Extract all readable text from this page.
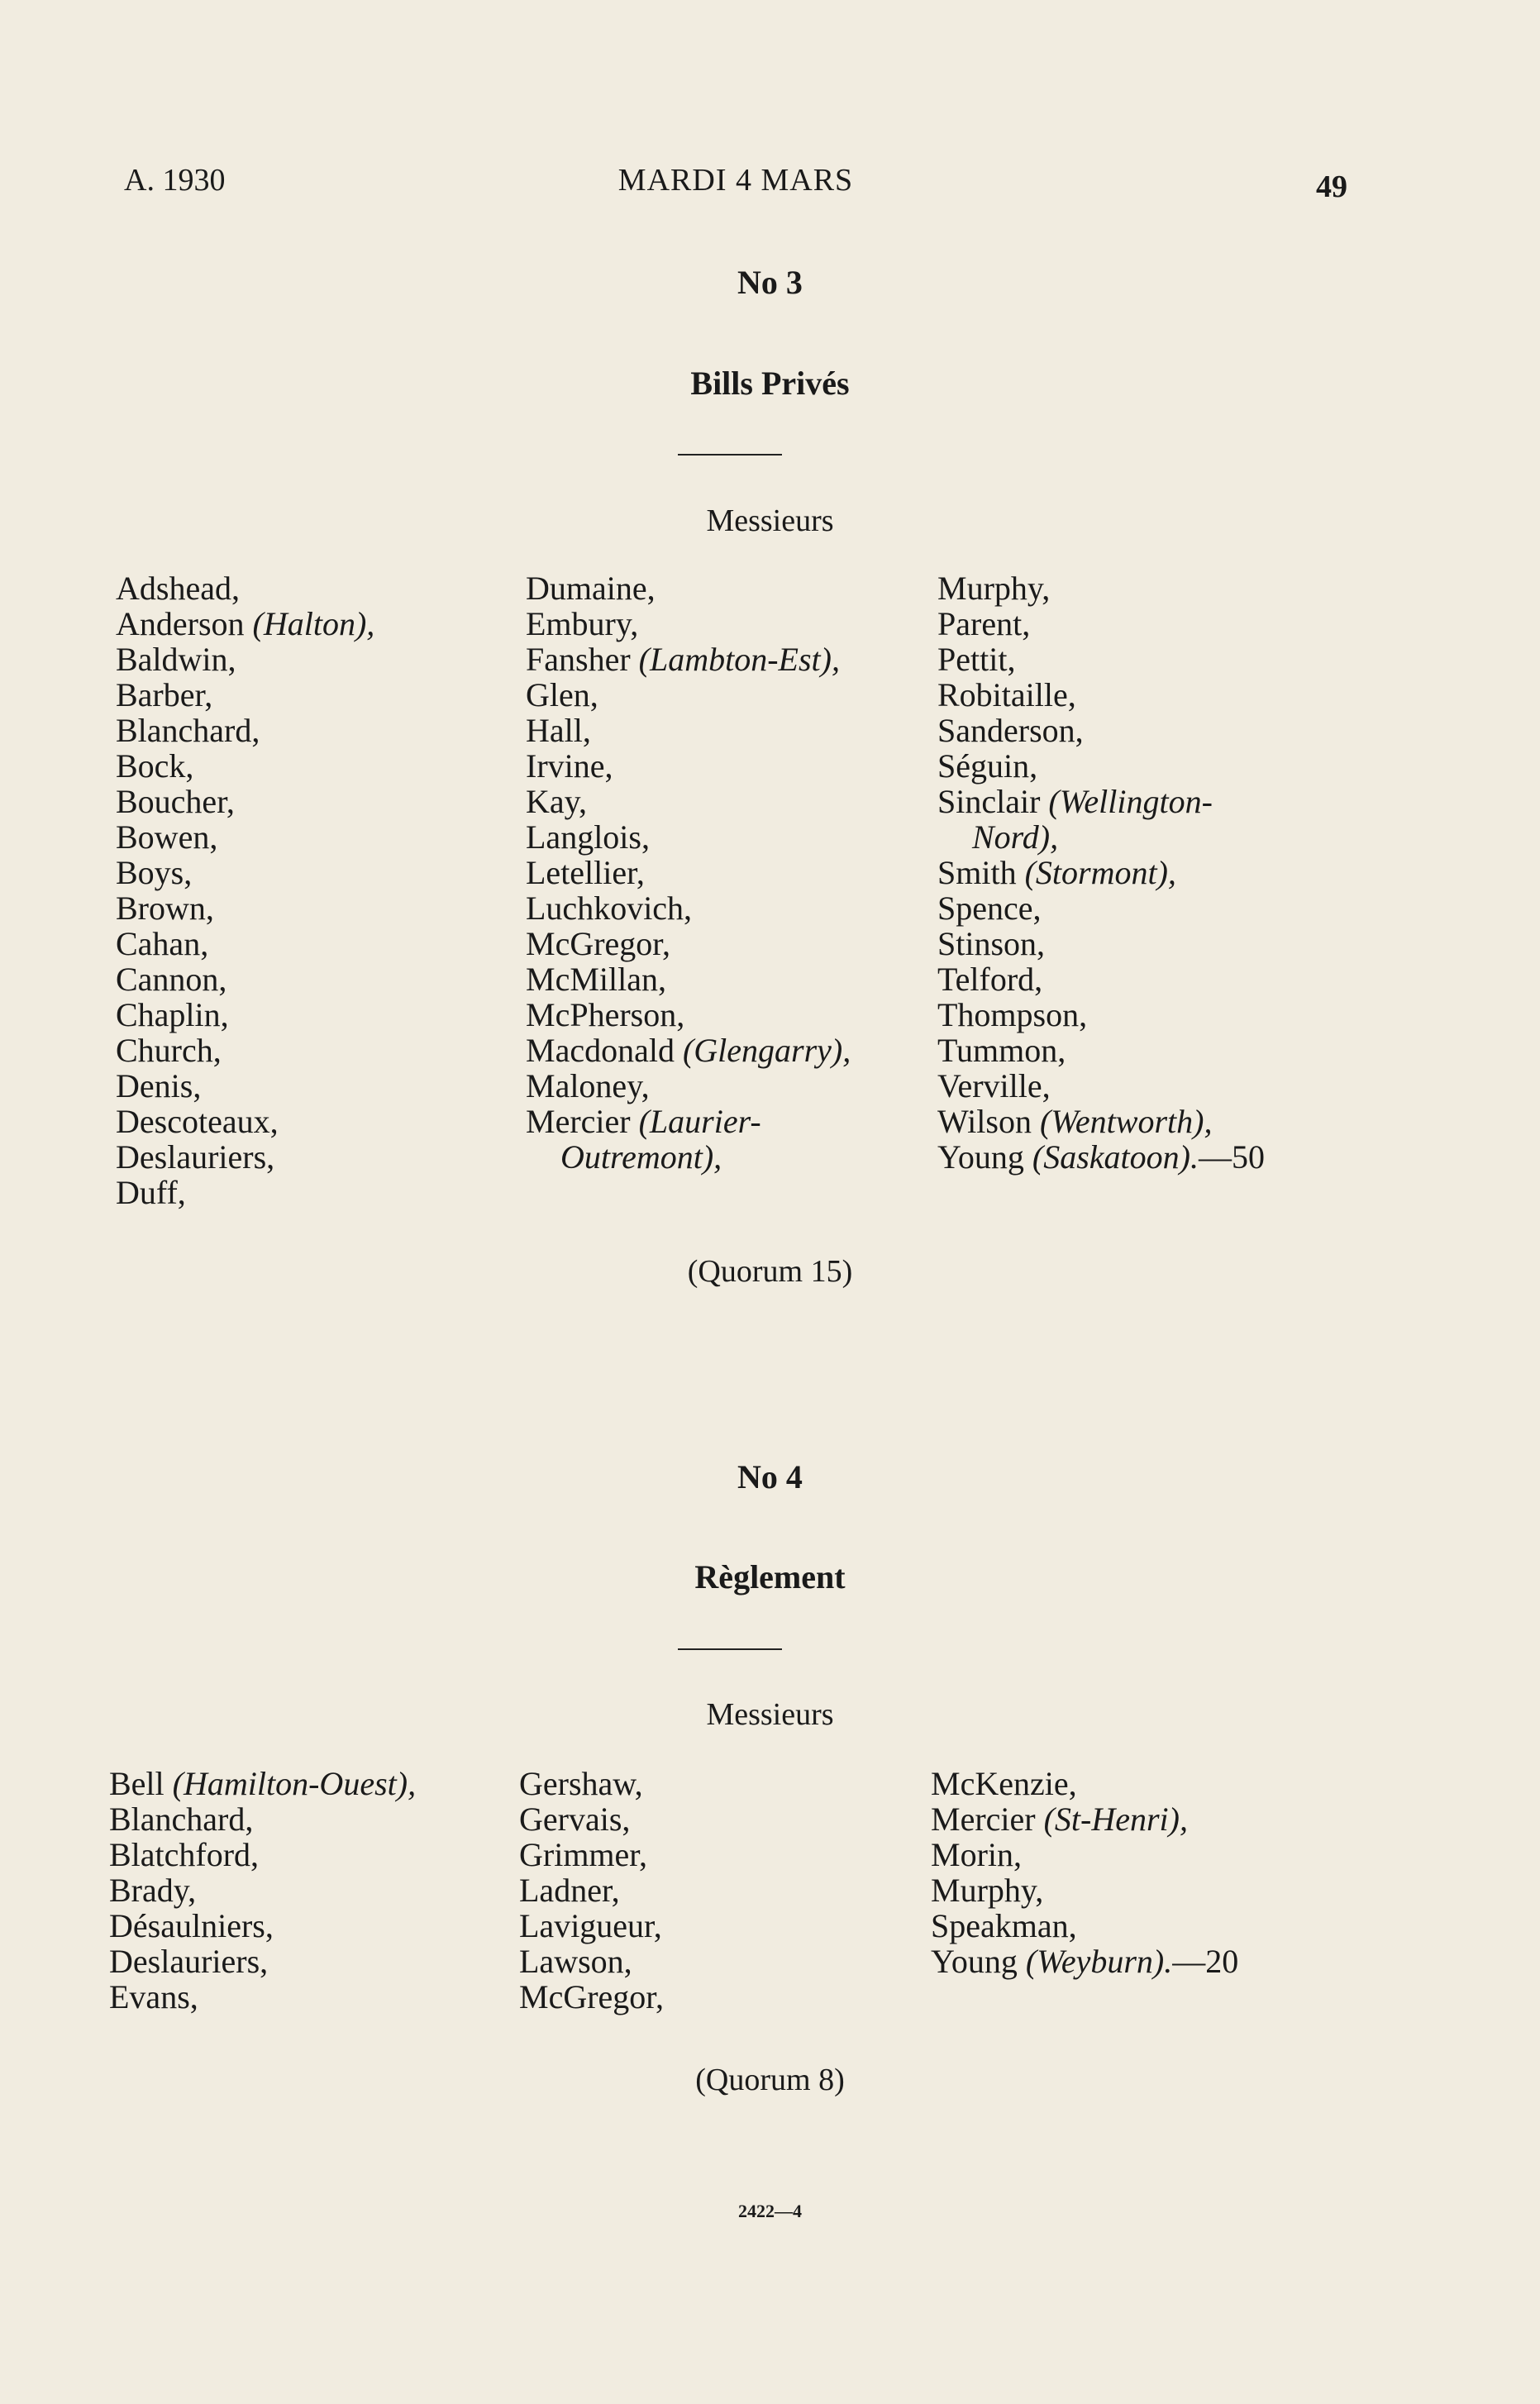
A. 1930	MARDI 4 MARS	49
No 3
Bills Privés
Messieurs
Adshead,
Anderson (Halton),
Baldwin,
Barber,
Blanchard,
Bock,
Boucher,
Bowen,
Boys,
Brown,
Cahan,
Cannon,
Chaplin,
Church,
Denis,
Descoteaux,
Deslauriers,
Duff,
Dumaine,
Embury,
Fansher (Lambton-Est),
Glen,
Hall,
Irvine,
Kay,
Langlois,
Letellier,
Luchkovich,
McGregor,
McMillan,
McPherson,
Macdonald (Glengarry),
Maloney,
Mercier (Laurier-
Outremont),
Murphy,
Parent,
Pettit,
Robitaille,
Sanderson,
Séguin,
Sinclair (Wellington-
Nord),
Smith (Stormont),
Spence,
Stinson,
Telford,
Thompson,
Tummon,
Verville,
Wilson (Wentworth),
Young (Saskatoon).—50
(Quorum 15)
No 4
Règlement
Messieurs
Bell (Hamilton-Ouest),
Blanchard,
Blatchford,
Brady,
Désaulniers,
Deslauriers,
Evans,
Gershaw,
Gervais,
Grimmer,
Ladner,
Lavigueur,
Lawson,
McGregor,
McKenzie,
Mercier (St-Henri),
Morin,
Murphy,
Speakman,
Young (Weyburn).—20
(Quorum 8)
2422—4
